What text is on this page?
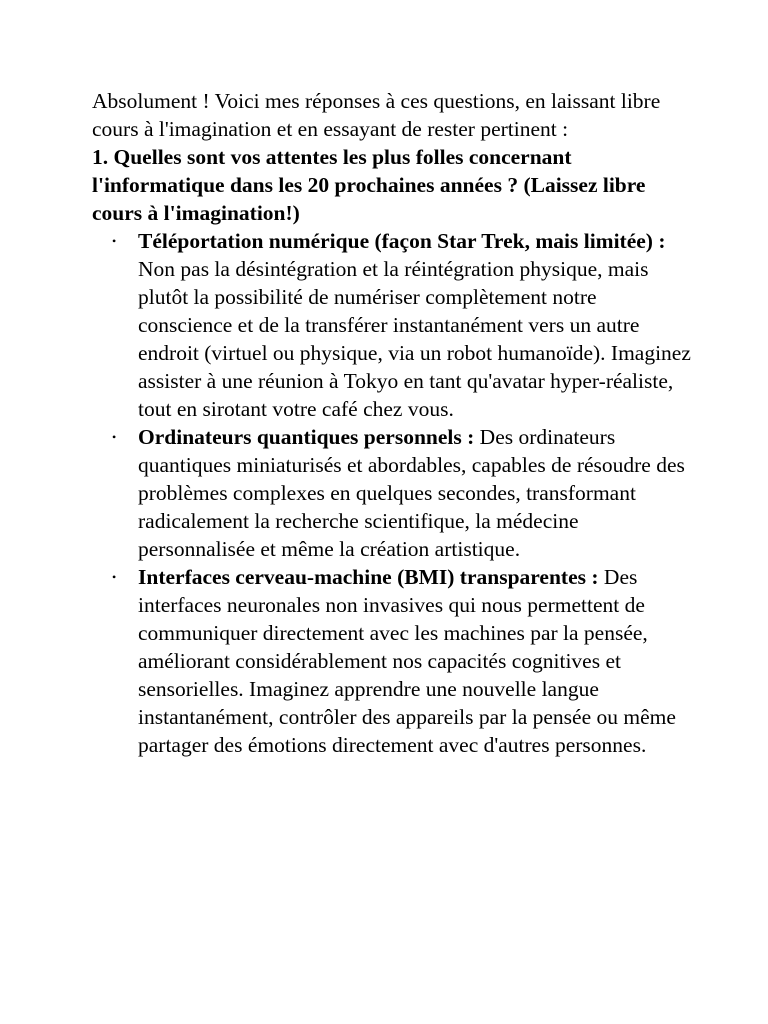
Absolument ! Voici mes réponses à ces questions, en laissant libre cours à l'imagination et en essayant de rester pertinent :

1. Quelles sont vos attentes les plus folles concernant l'informatique dans les 20 prochaines années ? (Laissez libre cours à l'imagination!)

• Téléportation numérique (façon Star Trek, mais limitée) : Non pas la désintégration et la réintégration physique, mais plutôt la possibilité de numériser complètement notre conscience et de la transférer instantanément vers un autre endroit (virtuel ou physique, via un robot humanoïde). Imaginez assister à une réunion à Tokyo en tant qu'avatar hyper-réaliste, tout en sirotant votre café chez vous.
• Ordinateurs quantiques personnels : Des ordinateurs quantiques miniaturisés et abordables, capables de résoudre des problèmes complexes en quelques secondes, transformant radicalement la recherche scientifique, la médecine personnalisée et même la création artistique.
• Interfaces cerveau-machine (BMI) transparentes : Des interfaces neuronales non invasives qui nous permettent de communiquer directement avec les machines par la pensée, améliorant considérablement nos capacités cognitives et sensorielles. Imaginez apprendre une nouvelle langue instantanément, contrôler des appareils par la pensée ou même partager des émotions directement avec d'autres personnes.
